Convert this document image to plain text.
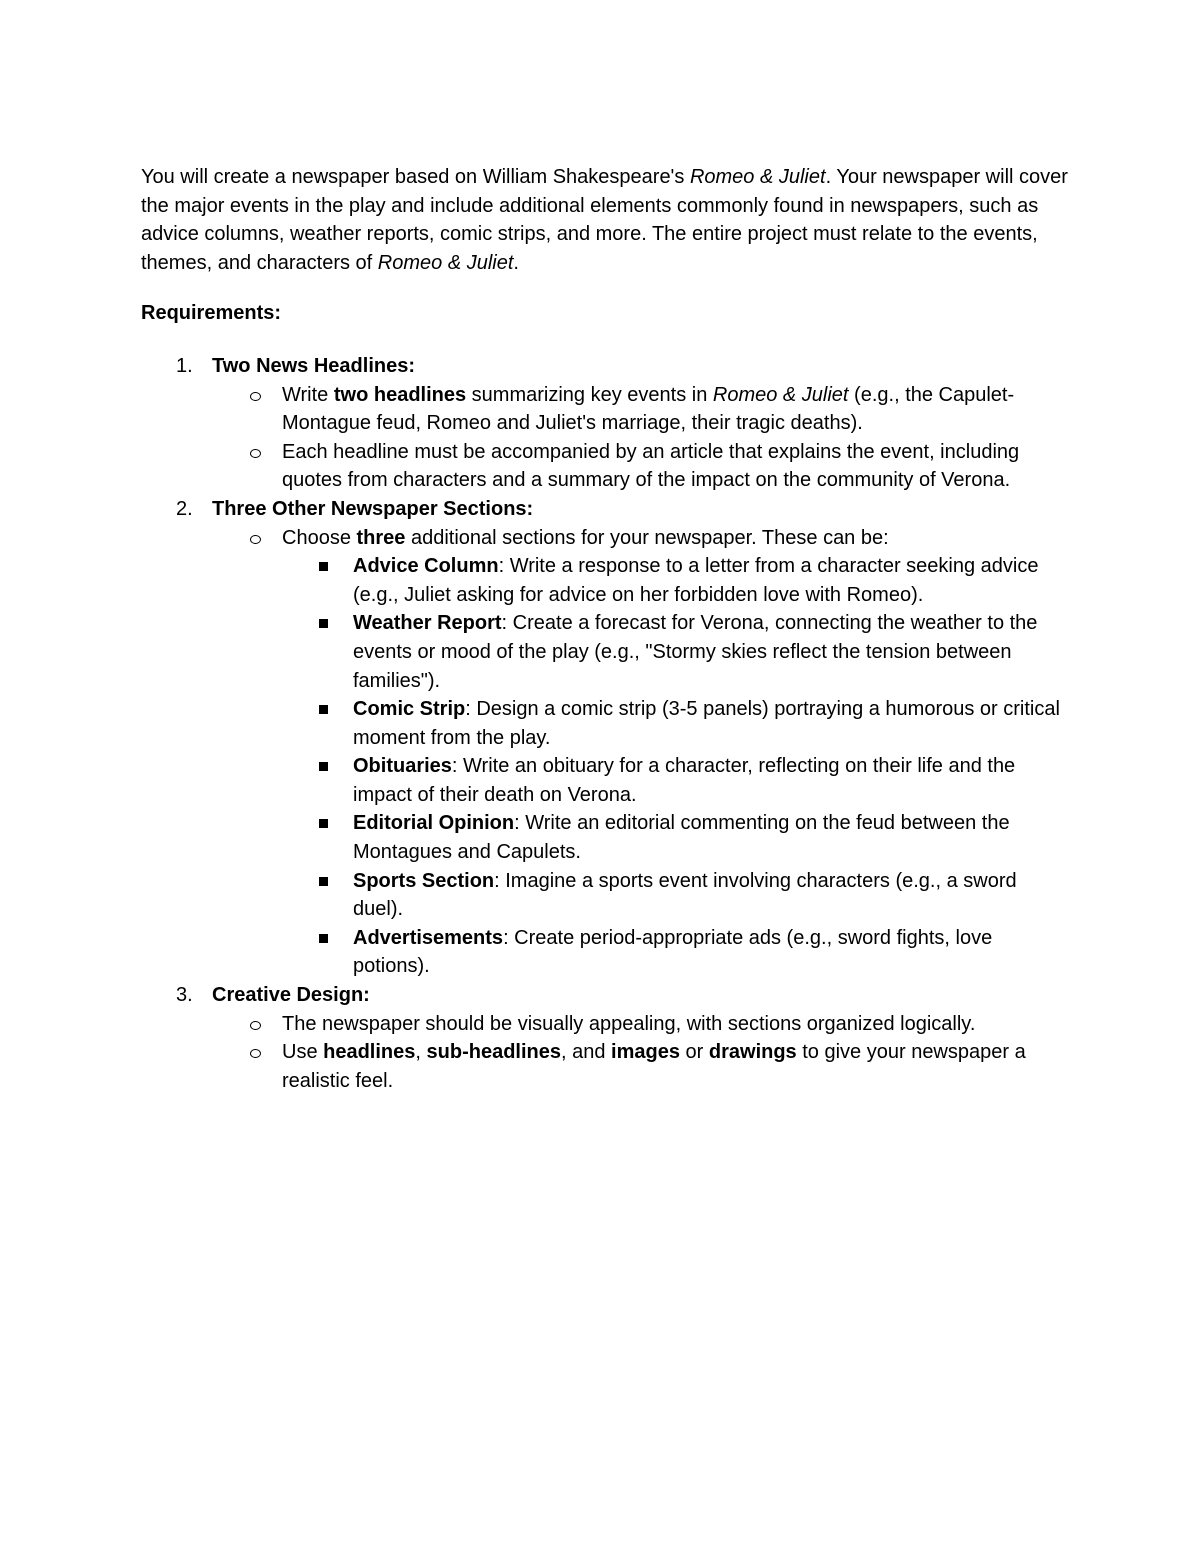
You will create a newspaper based on William Shakespeare's Romeo & Juliet. Your newspaper will cover the major events in the play and include additional elements commonly found in newspapers, such as advice columns, weather reports, comic strips, and more. The entire project must relate to the events, themes, and characters of Romeo & Juliet.

Requirements:

1. Two News Headlines:
Write two headlines summarizing key events in Romeo & Juliet (e.g., the Capulet-Montague feud, Romeo and Juliet's marriage, their tragic deaths).
Each headline must be accompanied by an article that explains the event, including quotes from characters and a summary of the impact on the community of Verona.
2. Three Other Newspaper Sections:
Choose three additional sections for your newspaper. These can be:
Advice Column: Write a response to a letter from a character seeking advice (e.g., Juliet asking for advice on her forbidden love with Romeo).
Weather Report: Create a forecast for Verona, connecting the weather to the events or mood of the play (e.g., "Stormy skies reflect the tension between families").
Comic Strip: Design a comic strip (3-5 panels) portraying a humorous or critical moment from the play.
Obituaries: Write an obituary for a character, reflecting on their life and the impact of their death on Verona.
Editorial Opinion: Write an editorial commenting on the feud between the Montagues and Capulets.
Sports Section: Imagine a sports event involving characters (e.g., a sword duel).
Advertisements: Create period-appropriate ads (e.g., sword fights, love potions).
3. Creative Design:
The newspaper should be visually appealing, with sections organized logically.
Use headlines, sub-headlines, and images or drawings to give your newspaper a realistic feel.
